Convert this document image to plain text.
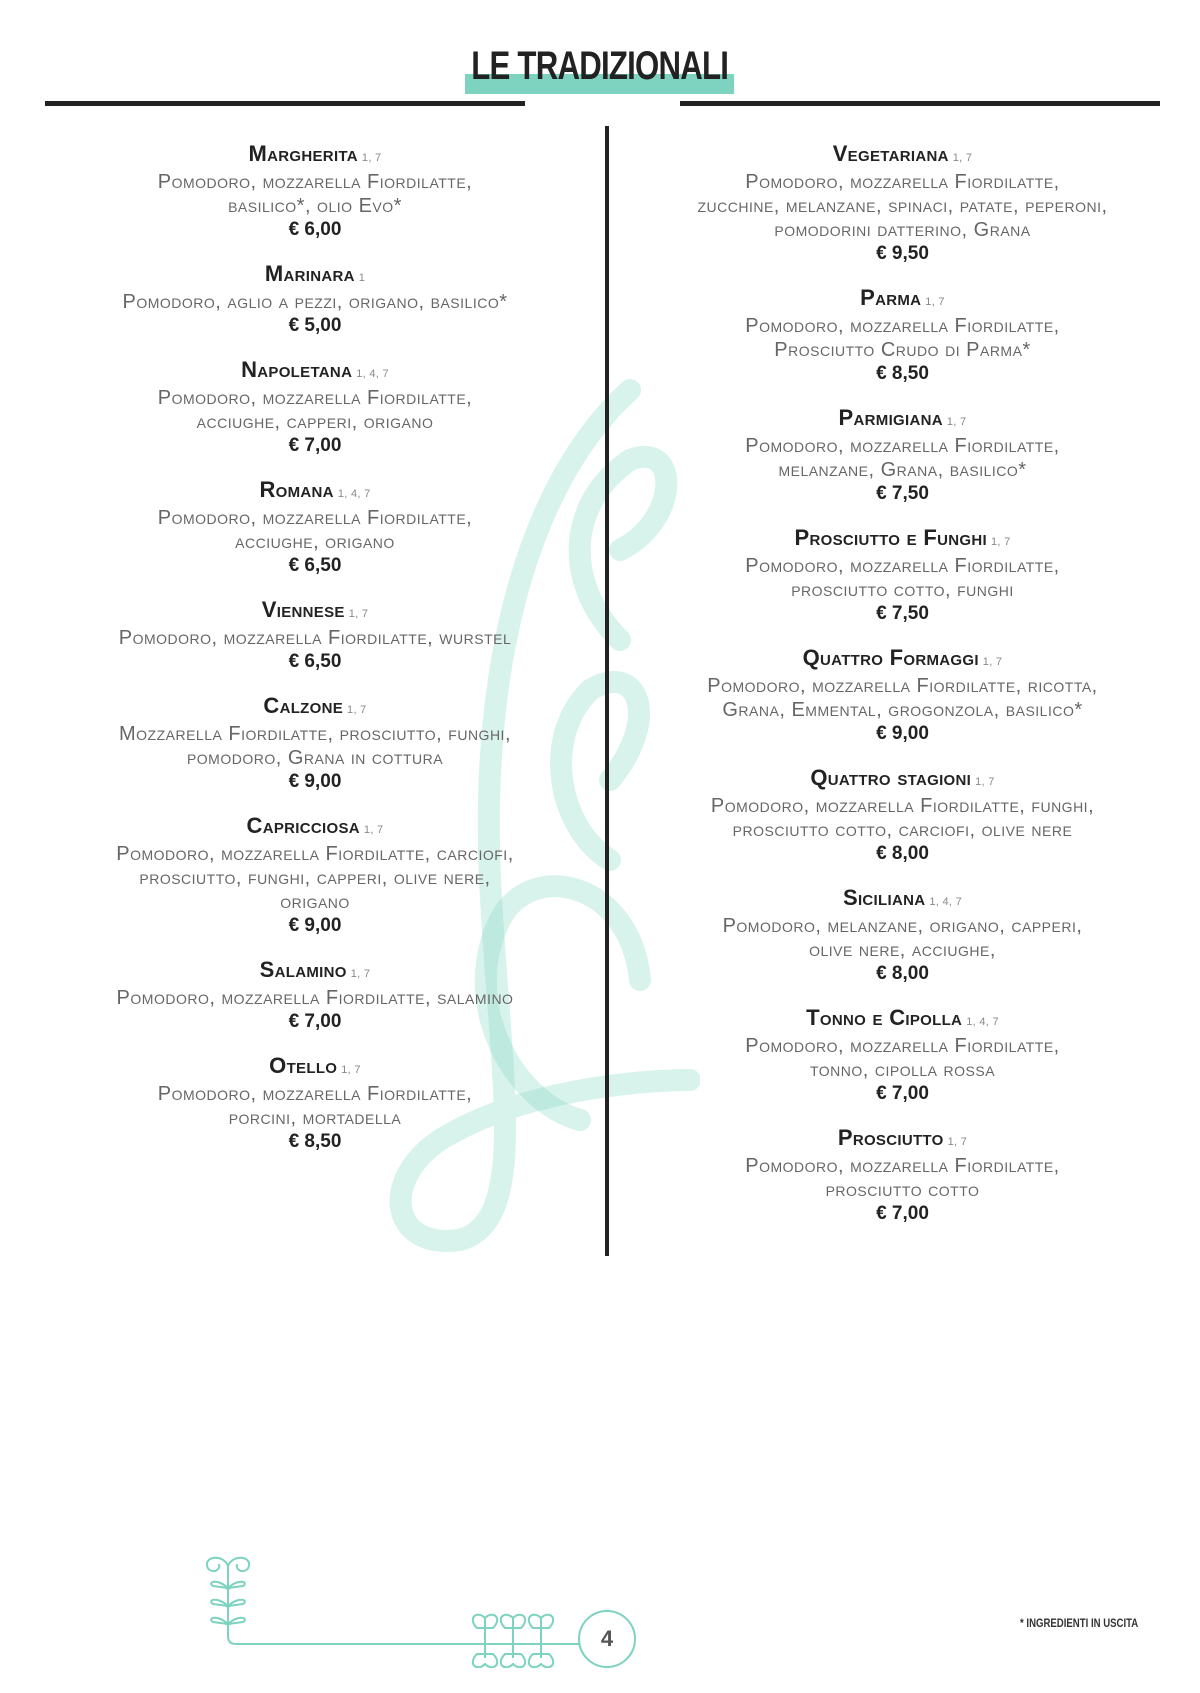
LE TRADIZIONALI
Margherita 1, 7
Pomodoro, mozzarella Fiordilatte,
basilico*, olio Evo*
€ 6,00
Marinara 1
Pomodoro, aglio a pezzi, origano, basilico*
€ 5,00
Napoletana 1, 4, 7
Pomodoro, mozzarella Fiordilatte,
acciughe, capperi, origano
€ 7,00
Romana 1, 4, 7
Pomodoro, mozzarella Fiordilatte,
acciughe, origano
€ 6,50
Viennese 1, 7
Pomodoro, mozzarella Fiordilatte, wurstel
€ 6,50
Calzone 1, 7
Mozzarella Fiordilatte, prosciutto, funghi,
pomodoro, Grana in cottura
€ 9,00
Capricciosa 1, 7
Pomodoro, mozzarella Fiordilatte, carciofi,
prosciutto, funghi, capperi, olive nere,
origano
€ 9,00
Salamino 1, 7
Pomodoro, mozzarella Fiordilatte, salamino
€ 7,00
Otello 1, 7
Pomodoro, mozzarella Fiordilatte,
porcini, mortadella
€ 8,50
Vegetariana 1, 7
Pomodoro, mozzarella Fiordilatte,
zucchine, melanzane, spinaci, patate, peperoni,
pomodorini datterino, Grana
€ 9,50
Parma 1, 7
Pomodoro, mozzarella Fiordilatte,
Prosciutto Crudo di Parma*
€ 8,50
Parmigiana 1, 7
Pomodoro, mozzarella Fiordilatte,
melanzane, Grana, basilico*
€ 7,50
Prosciutto e Funghi 1, 7
Pomodoro, mozzarella Fiordilatte,
prosciutto cotto, funghi
€ 7,50
Quattro Formaggi 1, 7
Pomodoro, mozzarella Fiordilatte, ricotta,
Grana, Emmental, grogonzola, basilico*
€ 9,00
Quattro stagioni 1, 7
Pomodoro, mozzarella Fiordilatte, funghi,
prosciutto cotto, carciofi, olive nere
€ 8,00
Siciliana 1, 4, 7
Pomodoro, melanzane, origano, capperi,
olive nere, acciughe,
€ 8,00
Tonno e Cipolla 1, 4, 7
Pomodoro, mozzarella Fiordilatte,
tonno, cipolla rossa
€ 7,00
Prosciutto 1, 7
Pomodoro, mozzarella Fiordilatte,
prosciutto cotto
€ 7,00
4
* INGREDIENTI IN USCITA
